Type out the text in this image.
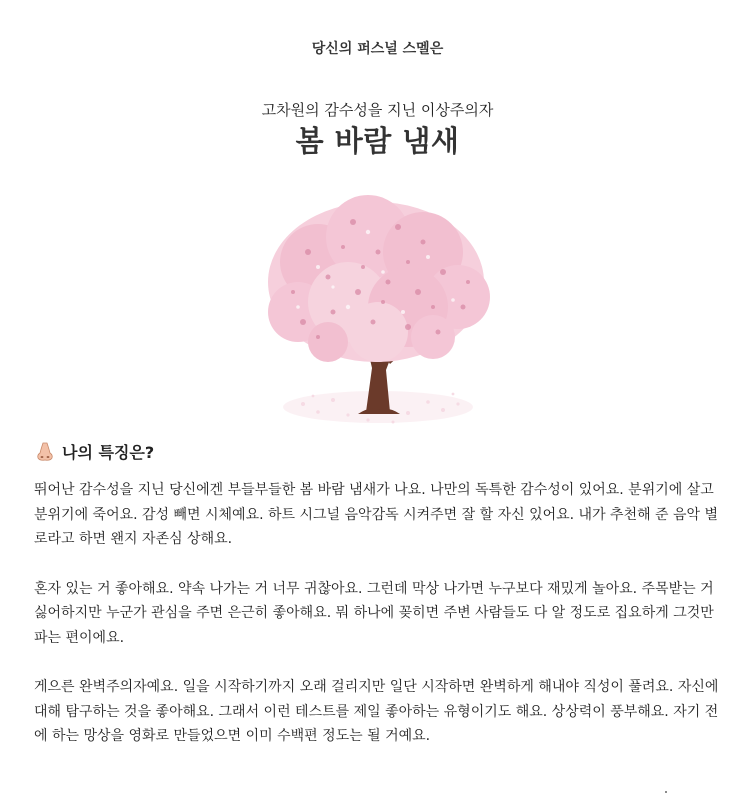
당신의 퍼스널 스멜은
고차원의 감수성을 지닌 이상주의자
봄 바람 냄새
나의 특징은?

뛰어난 감수성을 지닌 당신에겐 부들부들한 봄 바람 냄새가 나요. 나만의 독특한 감수성이 있어요. 분위기에 살고 분위기에 죽어요. 감성 빼면 시체예요. 하트 시그널 음악감독 시켜주면 잘 할 자신 있어요. 내가 추천해 준 음악 별로라고 하면 왠지 자존심 상해요.

혼자 있는 거 좋아해요. 약속 나가는 거 너무 귀찮아요. 그런데 막상 나가면 누구보다 재밌게 놀아요. 주목받는 거 싫어하지만 누군가 관심을 주면 은근히 좋아해요. 뭐 하나에 꽂히면 주변 사람들도 다 알 정도로 집요하게 그것만 파는 편이에요.

게으른 완벽주의자예요. 일을 시작하기까지 오래 걸리지만 일단 시작하면 완벽하게 해내야 직성이 풀려요. 자신에 대해 탐구하는 것을 좋아해요. 그래서 이런 테스트를 제일 좋아하는 유형이기도 해요. 상상력이 풍부해요. 자기 전에 하는 망상을 영화로 만들었으면 이미 수백편 정도는 될 거예요.
